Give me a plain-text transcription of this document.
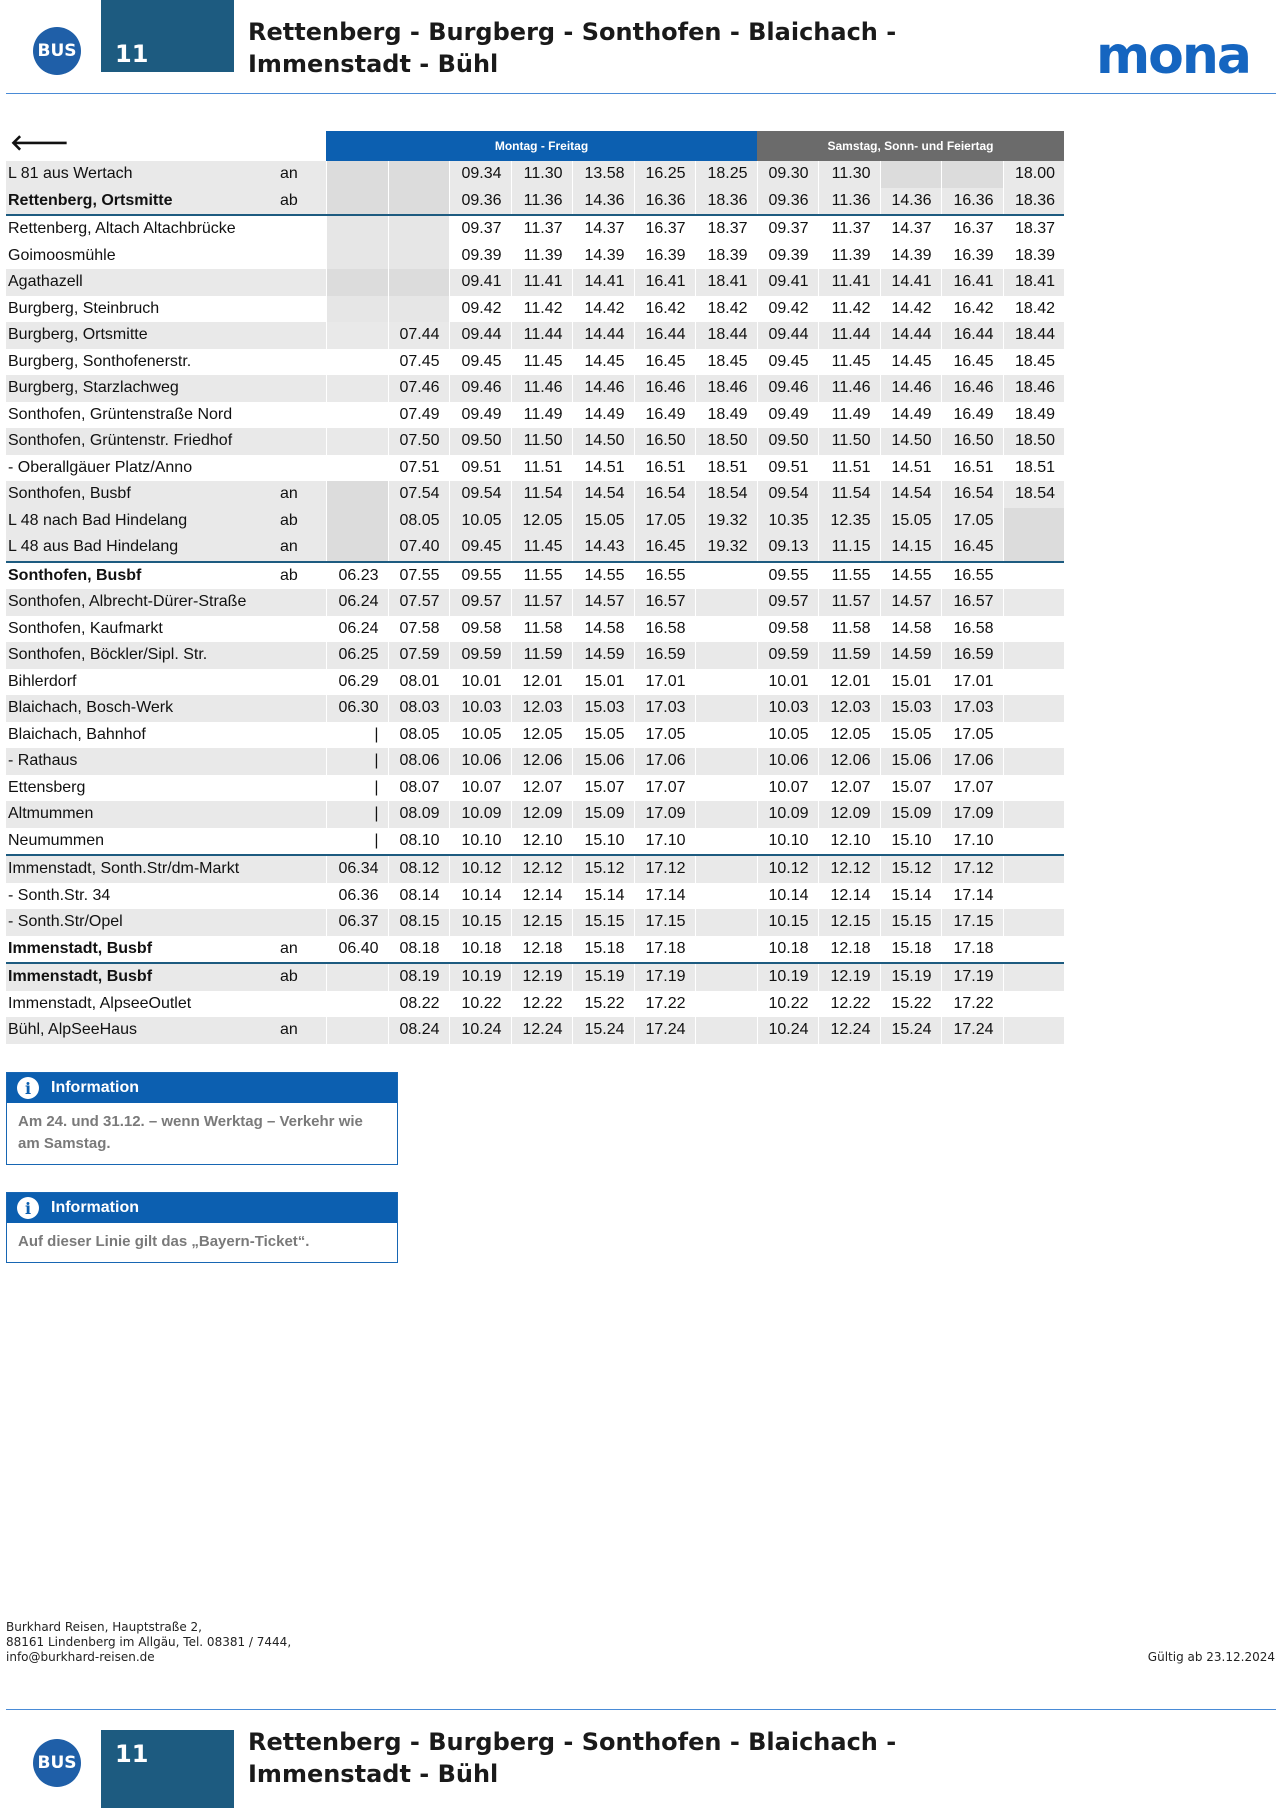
BUS 11
Rettenberg - Burgberg - Sonthofen - Blaichach -
Immenstadt - Bühl	mona
🡐
			Montag - Freitag							Samstag, Sonn- und Feiertag				
L 81 aus Wertach	an			09.34	11.30	13.58	16.25	18.25	09.30	11.30			18.00
Rettenberg, Ortsmitte	ab			09.36	11.36	14.36	16.36	18.36	09.36	11.36	14.36	16.36	18.36
Rettenberg, Altach Altachbrücke				09.37	11.37	14.37	16.37	18.37	09.37	11.37	14.37	16.37	18.37
Goimoosmühle				09.39	11.39	14.39	16.39	18.39	09.39	11.39	14.39	16.39	18.39
Agathazell				09.41	11.41	14.41	16.41	18.41	09.41	11.41	14.41	16.41	18.41
Burgberg, Steinbruch				09.42	11.42	14.42	16.42	18.42	09.42	11.42	14.42	16.42	18.42
Burgberg, Ortsmitte			07.44	09.44	11.44	14.44	16.44	18.44	09.44	11.44	14.44	16.44	18.44
Burgberg, Sonthofenerstr.			07.45	09.45	11.45	14.45	16.45	18.45	09.45	11.45	14.45	16.45	18.45
Burgberg, Starzlachweg			07.46	09.46	11.46	14.46	16.46	18.46	09.46	11.46	14.46	16.46	18.46
Sonthofen, Grüntenstraße Nord			07.49	09.49	11.49	14.49	16.49	18.49	09.49	11.49	14.49	16.49	18.49
Sonthofen, Grüntenstr. Friedhof			07.50	09.50	11.50	14.50	16.50	18.50	09.50	11.50	14.50	16.50	18.50
- Oberallgäuer Platz/Anno			07.51	09.51	11.51	14.51	16.51	18.51	09.51	11.51	14.51	16.51	18.51
Sonthofen, Busbf	an		07.54	09.54	11.54	14.54	16.54	18.54	09.54	11.54	14.54	16.54	18.54
L 48 nach Bad Hindelang	ab		08.05	10.05	12.05	15.05	17.05	19.32	10.35	12.35	15.05	17.05	
L 48 aus Bad Hindelang	an		07.40	09.45	11.45	14.43	16.45	19.32	09.13	11.15	14.15	16.45	
Sonthofen, Busbf	ab	06.23	07.55	09.55	11.55	14.55	16.55		09.55	11.55	14.55	16.55	
Sonthofen, Albrecht-Dürer-Straße		06.24	07.57	09.57	11.57	14.57	16.57		09.57	11.57	14.57	16.57	
Sonthofen, Kaufmarkt		06.24	07.58	09.58	11.58	14.58	16.58		09.58	11.58	14.58	16.58	
Sonthofen, Böckler/Sipl. Str.		06.25	07.59	09.59	11.59	14.59	16.59		09.59	11.59	14.59	16.59	
Bihlerdorf		06.29	08.01	10.01	12.01	15.01	17.01		10.01	12.01	15.01	17.01	
Blaichach, Bosch-Werk		06.30	08.03	10.03	12.03	15.03	17.03		10.03	12.03	15.03	17.03	
Blaichach, Bahnhof		|	08.05	10.05	12.05	15.05	17.05		10.05	12.05	15.05	17.05	
- Rathaus		|	08.06	10.06	12.06	15.06	17.06		10.06	12.06	15.06	17.06	
Ettensberg		|	08.07	10.07	12.07	15.07	17.07		10.07	12.07	15.07	17.07	
Altmummen		|	08.09	10.09	12.09	15.09	17.09		10.09	12.09	15.09	17.09	
Neumummen		|	08.10	10.10	12.10	15.10	17.10		10.10	12.10	15.10	17.10	
Immenstadt, Sonth.Str/dm-Markt		06.34	08.12	10.12	12.12	15.12	17.12		10.12	12.12	15.12	17.12	
- Sonth.Str. 34		06.36	08.14	10.14	12.14	15.14	17.14		10.14	12.14	15.14	17.14	
- Sonth.Str/Opel		06.37	08.15	10.15	12.15	15.15	17.15		10.15	12.15	15.15	17.15	
Immenstadt, Busbf	an	06.40	08.18	10.18	12.18	15.18	17.18		10.18	12.18	15.18	17.18	
Immenstadt, Busbf	ab		08.19	10.19	12.19	15.19	17.19		10.19	12.19	15.19	17.19	
Immenstadt, AlpseeOutlet			08.22	10.22	12.22	15.22	17.22		10.22	12.22	15.22	17.22	
Bühl, AlpSeeHaus	an		08.24	10.24	12.24	15.24	17.24		10.24	12.24	15.24	17.24	
i	Information
Am 24. und 31.12. – wenn Werktag – Verkehr wie am Samstag.
i	Information
Auf dieser Linie gilt das „Bayern-Ticket“.
Burkhard Reisen, Hauptstraße 2,
88161 Lindenberg im Allgäu, Tel. 08381 / 7444,
info@burkhard-reisen.de	Gültig ab 23.12.2024
BUS 11	Rettenberg - Burgberg - Sonthofen - Blaichach -
Immenstadt - Bühl
